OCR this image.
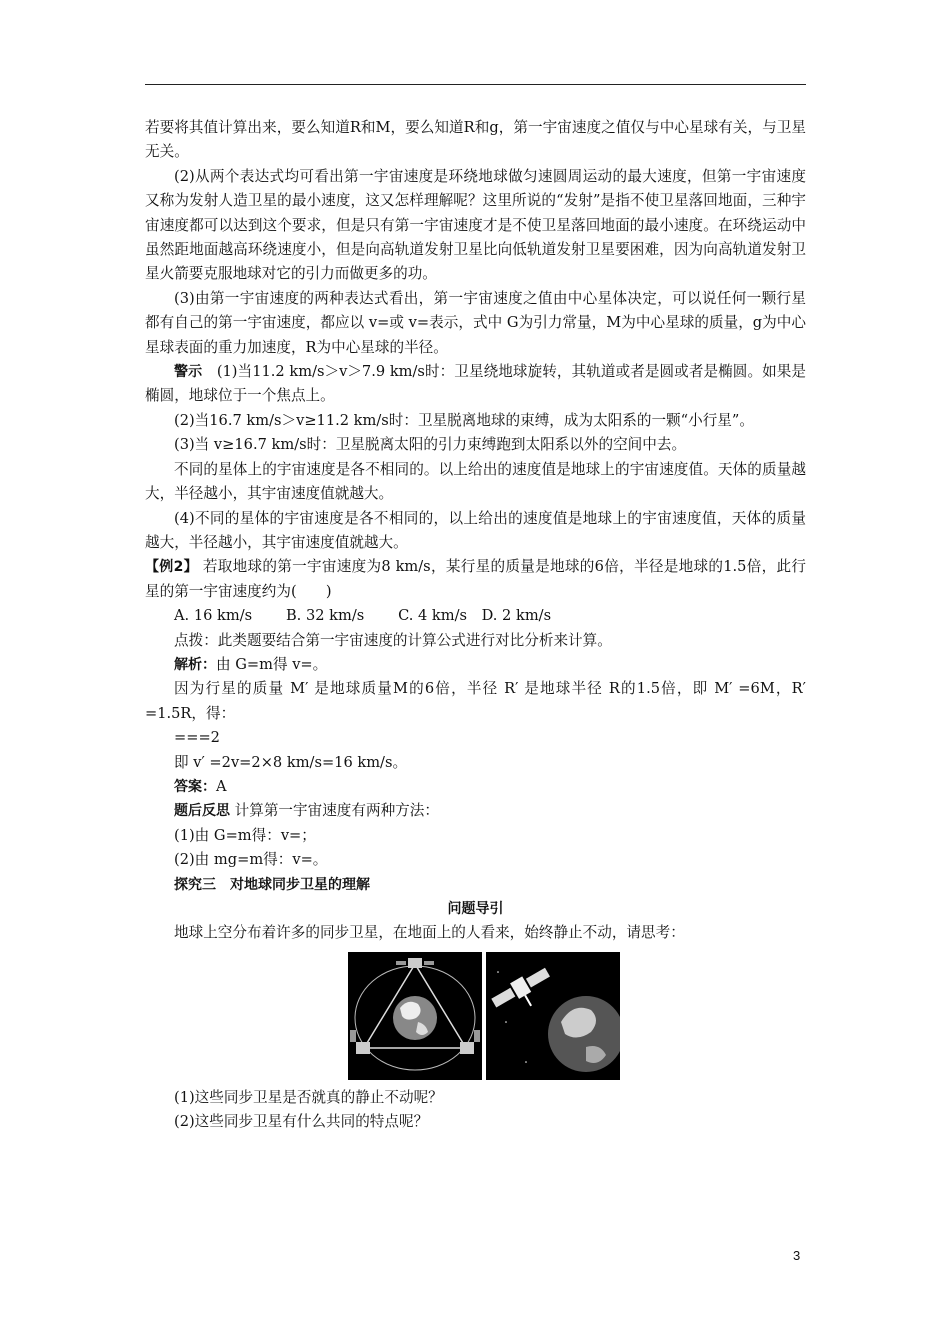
若要将其值计算出来，要么知道R和M，要么知道R和g，第一宇宙速度之值仅与中心星球有关，与卫星无关。

(2)从两个表达式均可看出第一宇宙速度是环绕地球做匀速圆周运动的最大速度，但第一宇宙速度又称为发射人造卫星的最小速度，这又怎样理解呢？这里所说的“发射”是指不使卫星落回地面，三种宇宙速度都可以达到这个要求，但是只有第一宇宙速度才是不使卫星落回地面的最小速度。在环绕运动中虽然距地面越高环绕速度小，但是向高轨道发射卫星比向低轨道发射卫星要困难，因为向高轨道发射卫星火箭要克服地球对它的引力而做更多的功。

(3)由第一宇宙速度的两种表达式看出，第一宇宙速度之值由中心星体决定，可以说任何一颗行星都有自己的第一宇宙速度，都应以 v=或 v=表示，式中 G为引力常量，M为中心星球的质量，g为中心星球表面的重力加速度，R为中心星球的半径。

警示　 (1)当11.2 km/s＞v＞7.9 km/s时：卫星绕地球旋转，其轨道或者是圆或者是椭圆。如果是椭圆，地球位于一个焦点上。

(2)当16.7 km/s＞v≥11.2 km/s时：卫星脱离地球的束缚，成为太阳系的一颗“小行星”。

(3)当 v≥16.7 km/s时：卫星脱离太阳的引力束缚跑到太阳系以外的空间中去。

不同的星体上的宇宙速度是各不相同的。以上给出的速度值是地球上的宇宙速度值。天体的质量越大，半径越小，其宇宙速度值就越大。

(4)不同的星体的宇宙速度是各不相同的，以上给出的速度值是地球上的宇宙速度值，天体的质量越大，半径越小，其宇宙速度值就越大。

【例2】 若取地球的第一宇宙速度为8 km/s，某行星的质量是地球的6倍，半径是地球的1.5倍，此行星的第一宇宙速度约为(　　)

A. 16 km/s　　 B. 32 km/s　　 C. 4 km/s　D. 2 km/s

点拨：此类题要结合第一宇宙速度的计算公式进行对比分析来计算。

解析：由 G=m得 v=。

因为行星的质量 M′ 是地球质量M的6倍，半径 R′ 是地球半径 R的1.5倍，即 M′ =6M，R′ =1.5R，得：

===2

即 v′ =2v=2×8 km/s=16 km/s。

答案：A

题后反思 计算第一宇宙速度有两种方法：

(1)由 G=m得：v=；

(2)由 mg=m得：v=。

探究三　对地球同步卫星的理解

问题导引

地球上空分布着许多的同步卫星，在地面上的人看来，始终静止不动，请思考：

(1)这些同步卫星是否就真的静止不动呢？

(2)这些同步卫星有什么共同的特点呢？

3
